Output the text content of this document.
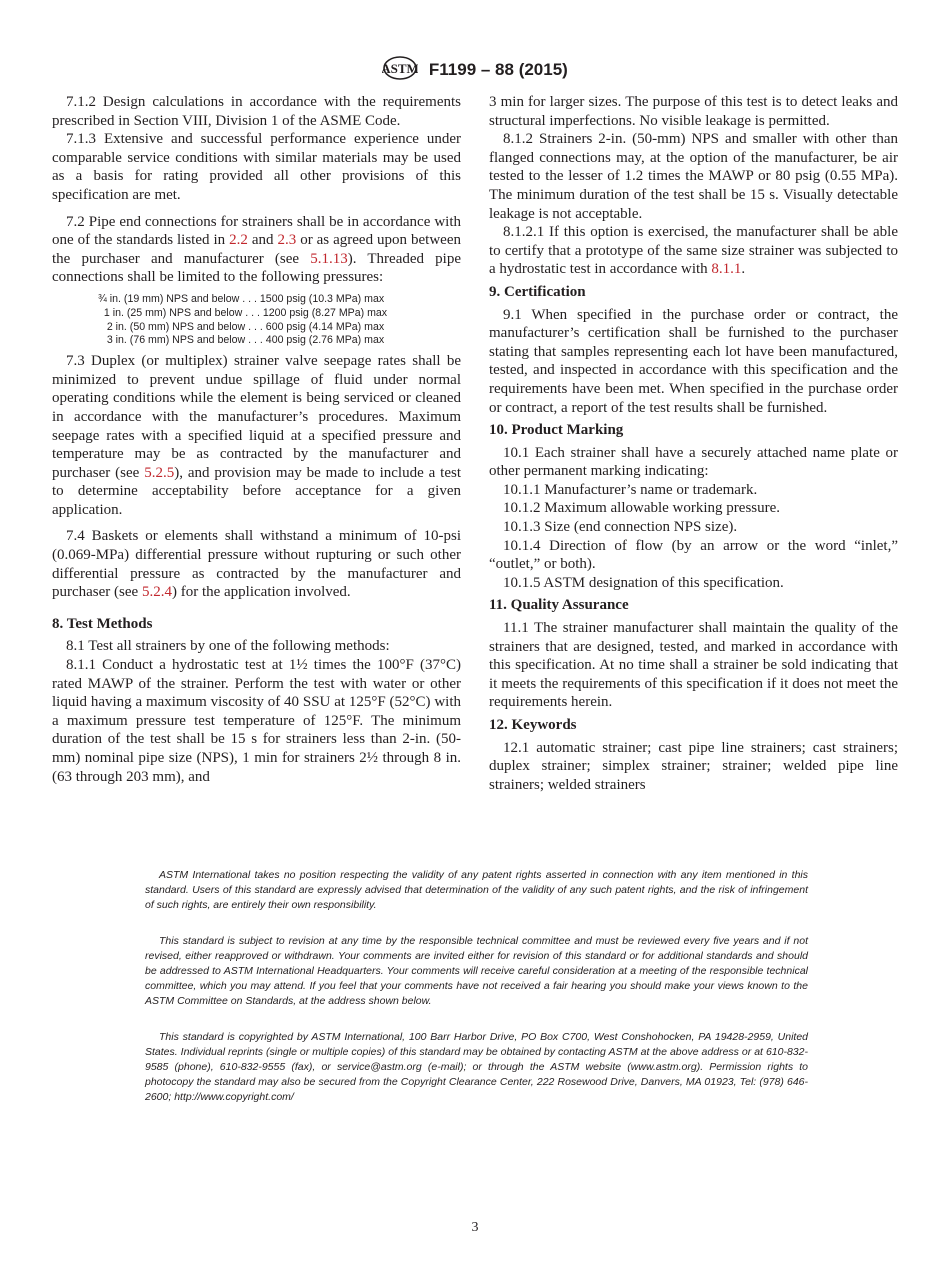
ASTM F1199 – 88 (2015)

7.1.2 Design calculations in accordance with the requirements prescribed in Section VIII, Division 1 of the ASME Code.

7.1.3 Extensive and successful performance experience under comparable service conditions with similar materials may be used as a basis for rating provided all other provisions of this specification are met.

7.2 Pipe end connections for strainers shall be in accordance with one of the standards listed in 2.2 and 2.3 or as agreed upon between the purchaser and manufacturer (see 5.1.13). Threaded pipe connections shall be limited to the following pressures:

¾ in. (19 mm) NPS and below . . . 1500 psig (10.3 MPa) max
1 in. (25 mm) NPS and below . . . 1200 psig (8.27 MPa) max
2 in. (50 mm) NPS and below . . . 600 psig (4.14 MPa) max
3 in. (76 mm) NPS and below . . . 400 psig (2.76 MPa) max

7.3 Duplex (or multiplex) strainer valve seepage rates shall be minimized to prevent undue spillage of fluid under normal operating conditions while the element is being serviced or cleaned in accordance with the manufacturer’s procedures. Maximum seepage rates with a specified liquid at a specified pressure and temperature may be as contracted by the manufacturer and purchaser (see 5.2.5), and provision may be made to include a test to determine acceptability before acceptance for a given application.

7.4 Baskets or elements shall withstand a minimum of 10-psi (0.069-MPa) differential pressure without rupturing or such other differential pressure as contracted by the manufacturer and purchaser (see 5.2.4) for the application involved.

8. Test Methods

8.1 Test all strainers by one of the following methods:

8.1.1 Conduct a hydrostatic test at 1½ times the 100°F (37°C) rated MAWP of the strainer. Perform the test with water or other liquid having a maximum viscosity of 40 SSU at 125°F (52°C) with a maximum pressure test temperature of 125°F. The minimum duration of the test shall be 15 s for strainers less than 2-in. (50-mm) nominal pipe size (NPS), 1 min for strainers 2½ through 8 in. (63 through 203 mm), and

3 min for larger sizes. The purpose of this test is to detect leaks and structural imperfections. No visible leakage is permitted.

8.1.2 Strainers 2-in. (50-mm) NPS and smaller with other than flanged connections may, at the option of the manufacturer, be air tested to the lesser of 1.2 times the MAWP or 80 psig (0.55 MPa). The minimum duration of the test shall be 15 s. Visually detectable leakage is not acceptable.

8.1.2.1 If this option is exercised, the manufacturer shall be able to certify that a prototype of the same size strainer was subjected to a hydrostatic test in accordance with 8.1.1.

9. Certification

9.1 When specified in the purchase order or contract, the manufacturer’s certification shall be furnished to the purchaser stating that samples representing each lot have been manufactured, tested, and inspected in accordance with this specification and the requirements have been met. When specified in the purchase order or contract, a report of the test results shall be furnished.

10. Product Marking

10.1 Each strainer shall have a securely attached name plate or other permanent marking indicating:

10.1.1 Manufacturer’s name or trademark.

10.1.2 Maximum allowable working pressure.

10.1.3 Size (end connection NPS size).

10.1.4 Direction of flow (by an arrow or the word “inlet,” “outlet,” or both).

10.1.5 ASTM designation of this specification.

11. Quality Assurance

11.1 The strainer manufacturer shall maintain the quality of the strainers that are designed, tested, and marked in accordance with this specification. At no time shall a strainer be sold indicating that it meets the requirements of this specification if it does not meet the requirements herein.

12. Keywords

12.1 automatic strainer; cast pipe line strainers; cast strainers; duplex strainer; simplex strainer; strainer; welded pipe line strainers; welded strainers

ASTM International takes no position respecting the validity of any patent rights asserted in connection with any item mentioned in this standard. Users of this standard are expressly advised that determination of the validity of any such patent rights, and the risk of infringement of such rights, are entirely their own responsibility.

This standard is subject to revision at any time by the responsible technical committee and must be reviewed every five years and if not revised, either reapproved or withdrawn. Your comments are invited either for revision of this standard or for additional standards and should be addressed to ASTM International Headquarters. Your comments will receive careful consideration at a meeting of the responsible technical committee, which you may attend. If you feel that your comments have not received a fair hearing you should make your views known to the ASTM Committee on Standards, at the address shown below.

This standard is copyrighted by ASTM International, 100 Barr Harbor Drive, PO Box C700, West Conshohocken, PA 19428-2959, United States. Individual reprints (single or multiple copies) of this standard may be obtained by contacting ASTM at the above address or at 610-832-9585 (phone), 610-832-9555 (fax), or service@astm.org (e-mail); or through the ASTM website (www.astm.org). Permission rights to photocopy the standard may also be secured from the Copyright Clearance Center, 222 Rosewood Drive, Danvers, MA 01923, Tel: (978) 646-2600; http://www.copyright.com/

3
